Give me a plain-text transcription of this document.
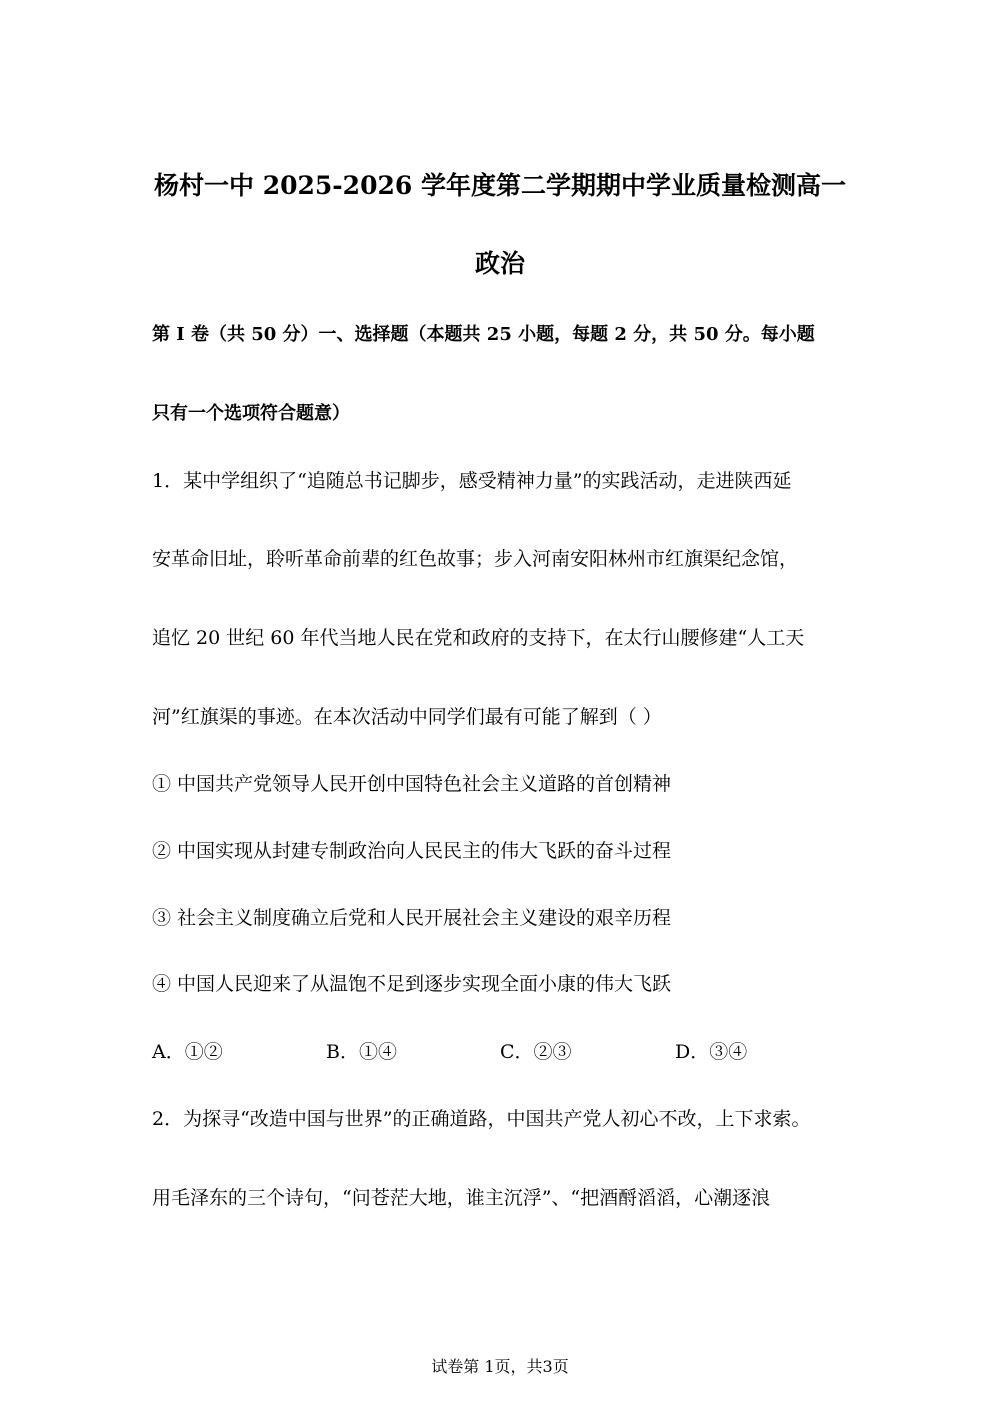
杨村一中 2025-2026 学年度第二学期期中学业质量检测高一
政治
第 I 卷（共 50 分）一、选择题（本题共 25 小题，每题 2 分，共 50 分。每小题
只有一个选项符合题意）
1．某中学组织了“追随总书记脚步，感受精神力量”的实践活动，走进陕西延
安革命旧址，聆听革命前辈的红色故事；步入河南安阳林州市红旗渠纪念馆，
追忆 20 世纪 60 年代当地人民在党和政府的支持下，在太行山腰修建“人工天
河”红旗渠的事迹。在本次活动中同学们最有可能了解到（ ）
① 中国共产党领导人民开创中国特色社会主义道路的首创精神
② 中国实现从封建专制政治向人民民主的伟大飞跃的奋斗过程
③ 社会主义制度确立后党和人民开展社会主义建设的艰辛历程
④ 中国人民迎来了从温饱不足到逐步实现全面小康的伟大飞跃
A．①②	B．①④	C．②③	D．③④
2．为探寻“改造中国与世界”的正确道路，中国共产党人初心不改，上下求索。
用毛泽东的三个诗句，“问苍茫大地，谁主沉浮”、“把酒酹滔滔，心潮逐浪
试卷第 1页，共3页
